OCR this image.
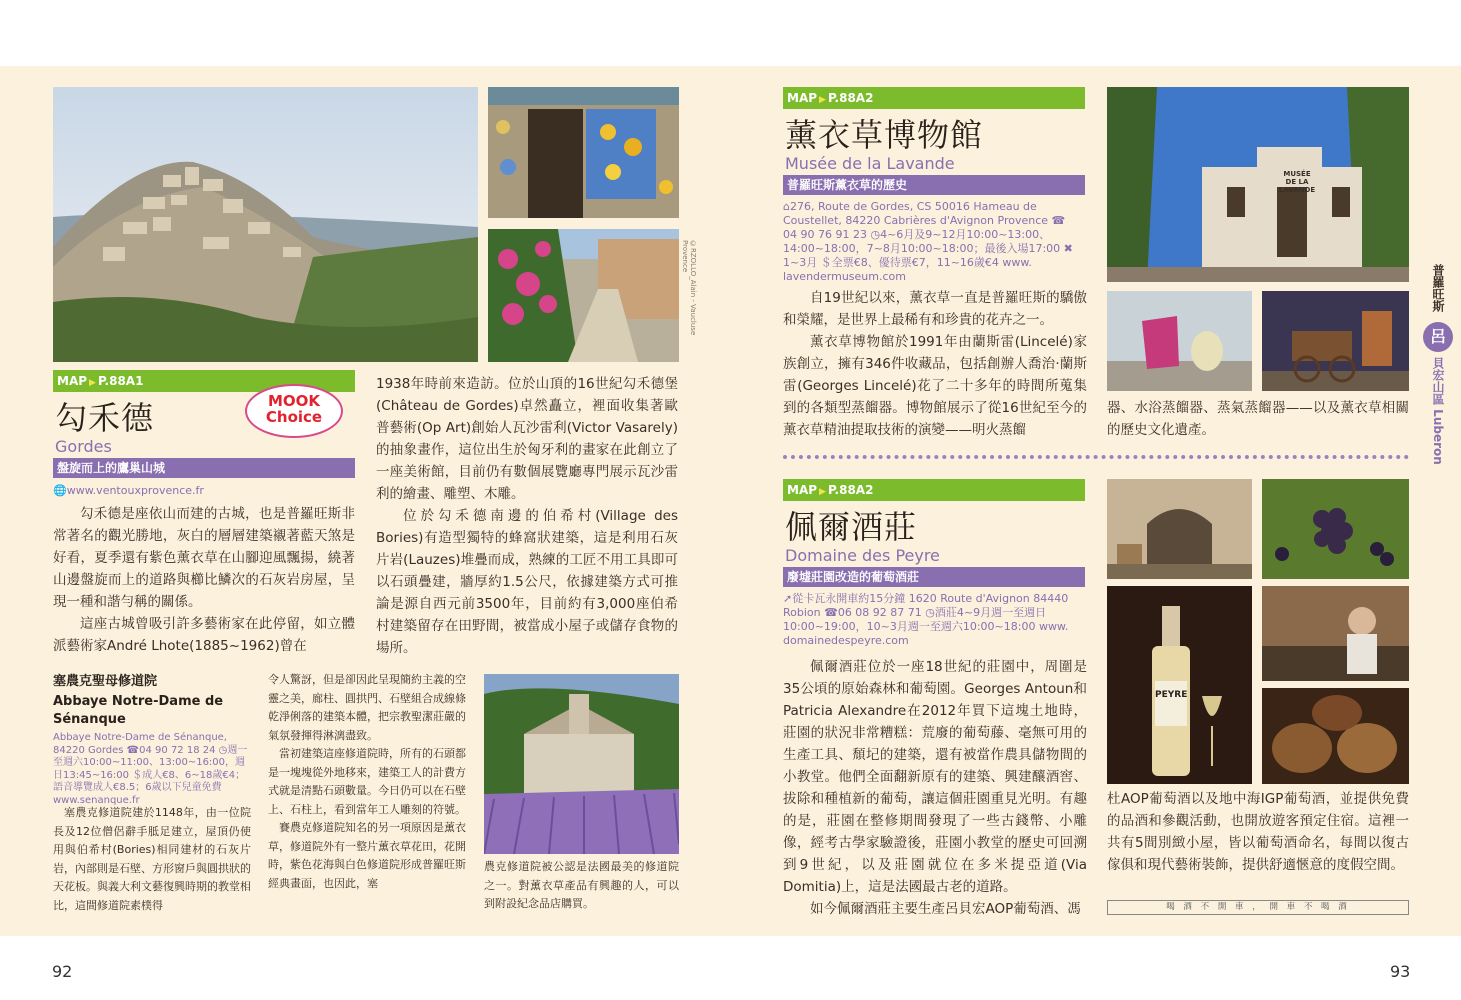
©RZOLLO_Alain - Vaucluse Provence
MAP ▶ P.88A1
勾禾德	MOOK
Choice
Gordes
盤旋而上的鷹巢山城
🌐www.ventouxprovence.fr

勾禾德是座依山而建的古城，也是普羅旺斯非常著名的觀光勝地，灰白的層層建築襯著藍天煞是好看，夏季還有紫色薰衣草在山腳迎風飄揚，繞著山邊盤旋而上的道路與櫛比鱗次的石灰岩房屋，呈現一種和諧勻稱的關係。

這座古城曾吸引許多藝術家在此停留，如立體派藝術家André Lhote(1885~1962)曾在

1938年時前來造訪。位於山頂的16世紀勾禾德堡(Château de Gordes)卓然矗立，裡面收集著歐普藝術(Op Art)創始人瓦沙雷利(Victor Vasarely)的抽象畫作，這位出生於匈牙利的畫家在此創立了一座美術館，目前仍有數個展覽廳專門展示瓦沙雷利的繪畫、雕塑、木雕。

位於勾禾德南邊的伯希村(Village des Bories)有造型獨特的蜂窩狀建築，這是利用石灰片岩(Lauzes)堆疊而成，熟練的工匠不用工具即可以石頭疊建，牆厚約1.5公尺，依據建築方式可推論是源自西元前3500年，目前約有3,000座伯希村建築留存在田野間，被當成小屋子或儲存食物的場所。

塞農克聖母修道院
Abbaye Notre-Dame de
Sénanque
Abbaye Notre-Dame de Sénanque, 84220 Gordes ☎04 90 72 18 24 ◷週一至週六10:00~11:00、13:00~16:00，週日13:45~16:00 ＄成人€8、6~18歲€4；語音導覽成人€8.5；6歲以下兒童免費 www.senanque.fr

塞農克修道院建於1148年，由一位院長及12位僧侶辭手胝足建立，屋頂仍使用與伯希村(Bories)相同建材的石灰片岩，內部則是石壁、方形窗戶與圓拱狀的天花板。與義大利文藝復興時期的教堂相比，這間修道院素樸得

令人驚訝，但是卻因此呈現簡約主義的空靈之美，廊柱、圓拱門、石壁組合成線條乾淨俐落的建築本體，把宗教聖潔莊嚴的氣氛發揮得淋漓盡致。

當初建築這座修道院時，所有的石頭都是一塊塊從外地移來，建築工人的計費方式就是清點石頭數量。今日仍可以在石壁上、石柱上，看到當年工人雕刻的符號。

賽農克修道院知名的另一項原因是薰衣草，修道院外有一整片薰衣草花田，花開時，紫色花海與白色修道院形成普羅旺斯經典畫面，也因此，塞

農克修道院被公認是法國最美的修道院之一。對薰衣草產品有興趣的人，可以到附設紀念品店購買。
92
MAP ▶ P.88A2
薰衣草博物館
Musée de la Lavande
普羅旺斯薰衣草的歷史
⌂276, Route de Gordes, CS 50016 Hameau de
Coustellet, 84220 Cabrières d'Avignon Provence ☎
04 90 76 91 23 ◷4~6月及9~12月10:00~13:00、
14:00~18:00，7~8月10:00~18:00；最後入場17:00 ✖
1~3月 ＄全票€8、優待票€7，11~16歲€4 www.
lavendermuseum.com

自19世紀以來，薰衣草一直是普羅旺斯的驕傲和榮耀，是世界上最稀有和珍貴的花卉之一。

薰衣草博物館於1991年由蘭斯雷(Lincelé)家族創立，擁有346件收藏品，包括創辦人喬治·蘭斯雷(Georges Lincelé)花了二十多年的時間所蒐集到的各類型蒸餾器。博物館展示了從16世紀至今的薰衣草精油提取技術的演變——明火蒸餾

MUSÉE
DE LA
LAVANDE

器、水浴蒸餾器、蒸氣蒸餾器——以及薰衣草相關的歷史文化遺產。

MAP ▶ P.88A2
佩爾酒莊
Domaine des Peyre
廢墟莊園改造的葡萄酒莊
➚從卡瓦永開車約15分鐘 1620 Route d'Avignon 84440
Robion ☎06 08 92 87 71 ◷酒莊4~9月週一至週日
10:00~19:00，10~3月週一至週六10:00~18:00 www.
domainedespeyre.com

佩爾酒莊位於一座18世紀的莊園中，周圍是35公頃的原始森林和葡萄園。Georges Antoun和Patricia Alexandre在2012年買下這塊土地時，莊園的狀況非常糟糕：荒廢的葡萄藤、毫無可用的生產工具、頹圮的建築，還有被當作農具儲物間的小教堂。他們全面翻新原有的建築、興建釀酒窖、拔除和種植新的葡萄，讓這個莊園重見光明。有趣的是，莊園在整修期間發現了一些古錢幣、小雕像，經考古學家驗證後，莊園小教堂的歷史可回溯到9世紀，以及莊園就位在多米提亞道(Via Domitia)上，這是法國最古老的道路。

如今佩爾酒莊主要生產呂貝宏AOP葡萄酒、馮

PEYRE

杜AOP葡萄酒以及地中海IGP葡萄酒，並提供免費的品酒和參觀活動，也開放遊客預定住宿。這裡一共有5間別緻小屋，皆以葡萄酒命名，每間以復古傢俱和現代藝術裝飾，提供舒適愜意的度假空間。

喝 酒 不 開 車 ， 開 車 不 喝 酒
普羅旺斯
呂
貝宏山區 Luberon
93
